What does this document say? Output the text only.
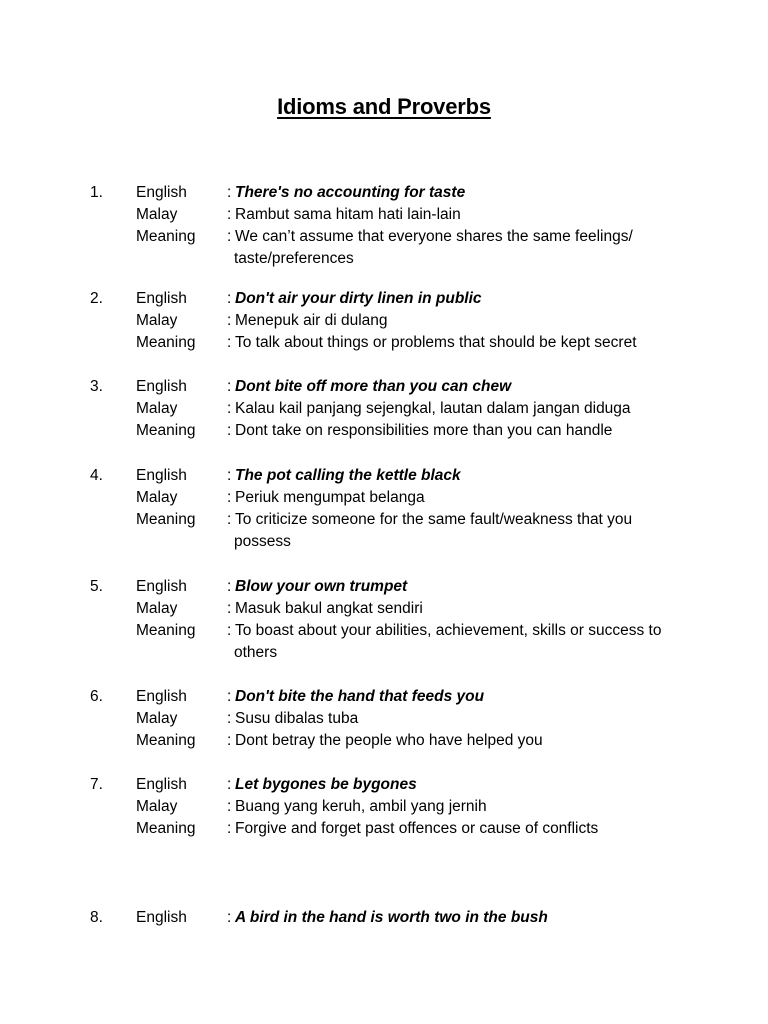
Idioms and Proverbs
1. English	: There's no accounting for taste
Malay	: Rambut sama hitam hati lain-lain
Meaning : We can’t assume that everyone shares the same feelings/
taste/preferences
2. English	: Don't air your dirty linen in public
Malay	: Menepuk air di dulang
Meaning : To talk about things or problems that should be kept secret
3. English	: Dont bite off more than you can chew
Malay	: Kalau kail panjang sejengkal, lautan dalam jangan diduga
Meaning : Dont take on responsibilities more than you can handle
4. English	: The pot calling the kettle black
Malay	: Periuk mengumpat belanga
Meaning : To criticize someone for the same fault/weakness that you
possess
5. English	: Blow your own trumpet
Malay	: Masuk bakul angkat sendiri
Meaning : To boast about your abilities, achievement, skills or success to
others
6. English	: Don't bite the hand that feeds you
Malay	: Susu dibalas tuba
Meaning : Dont betray the people who have helped you
7. English	: Let bygones be bygones
Malay	: Buang yang keruh, ambil yang jernih
Meaning : Forgive and forget past offences or cause of conflicts
8. English	: A bird in the hand is worth two in the bush
